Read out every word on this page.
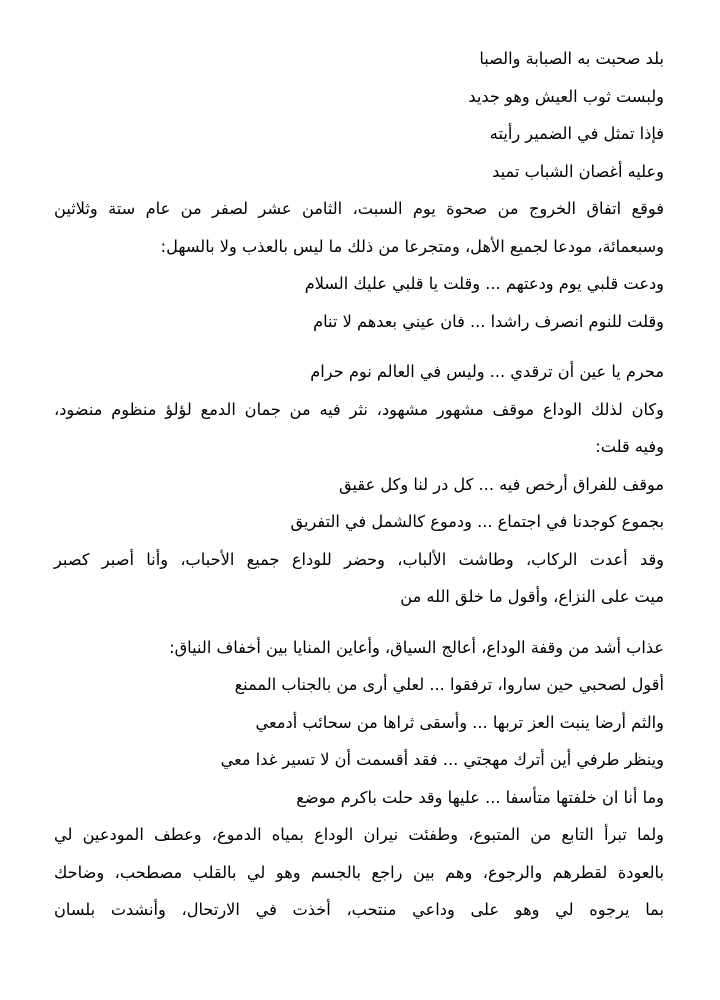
بلد صحبت به الصبابة والصبا
ولبست ثوب العيش وهو جديد
فإذا تمثل في الضمير رأيته
وعليه أغصان الشباب تميد
فوقع اتفاق الخروج من صحوة يوم السبت، الثامن عشر لصفر من عام ستة وثلاثين
وسبعمائة، مودعا لجميع الأهل، ومتجرعا من ذلك ما ليس بالعذب ولا بالسهل:
ودعت قلبي يوم ودعتهم ... وقلت يا قلبي عليك السلام
وقلت للنوم انصرف راشدا ... فان عيني بعدهم لا تنام
محرم يا عين أن ترقدي ... وليس في العالم نوم حرام
وكان لذلك الوداع موقف مشهور مشهود، نثر فيه من جمان الدمع لؤلؤ منظوم منضود،
وفيه قلت:
موقف للفراق أرخص فيه ... كل در لنا وكل عقيق
بجموع كوجدنا في اجتماع ... ودموع كالشمل في التفريق
وقد أعدت الركاب، وطاشت الألباب، وحضر للوداع جميع الأحباب، وأنا أصبر كصبر
ميت على النزاع، وأقول ما خلق الله من
عذاب أشد من وقفة الوداع، أعالج السياق، وأعاين المنايا بين أخفاف النياق:
أقول لصحبي حين ساروا، ترفقوا ... لعلي أرى من بالجناب الممنع
والثم أرضا ينبت العز تربها ... وأسقى ثراها من سحائب أدمعي
وينظر طرفي أين أترك مهجتي ... فقد أقسمت أن لا تسير غدا معي
وما أنا ان خلفتها متأسفا ... عليها وقد حلت باكرم موضع
ولما تبرأ التابع من المتبوع، وطفئت نيران الوداع بمياه الدموع، وعطف المودعين لي
بالعودة لقطرهم والرجوع، وهم بين راجع بالجسم وهو لي بالقلب مصطحب، وضاحك
بما يرجوه لي وهو على وداعي منتحب، أخذت في الارتحال، وأنشدت بلسان
